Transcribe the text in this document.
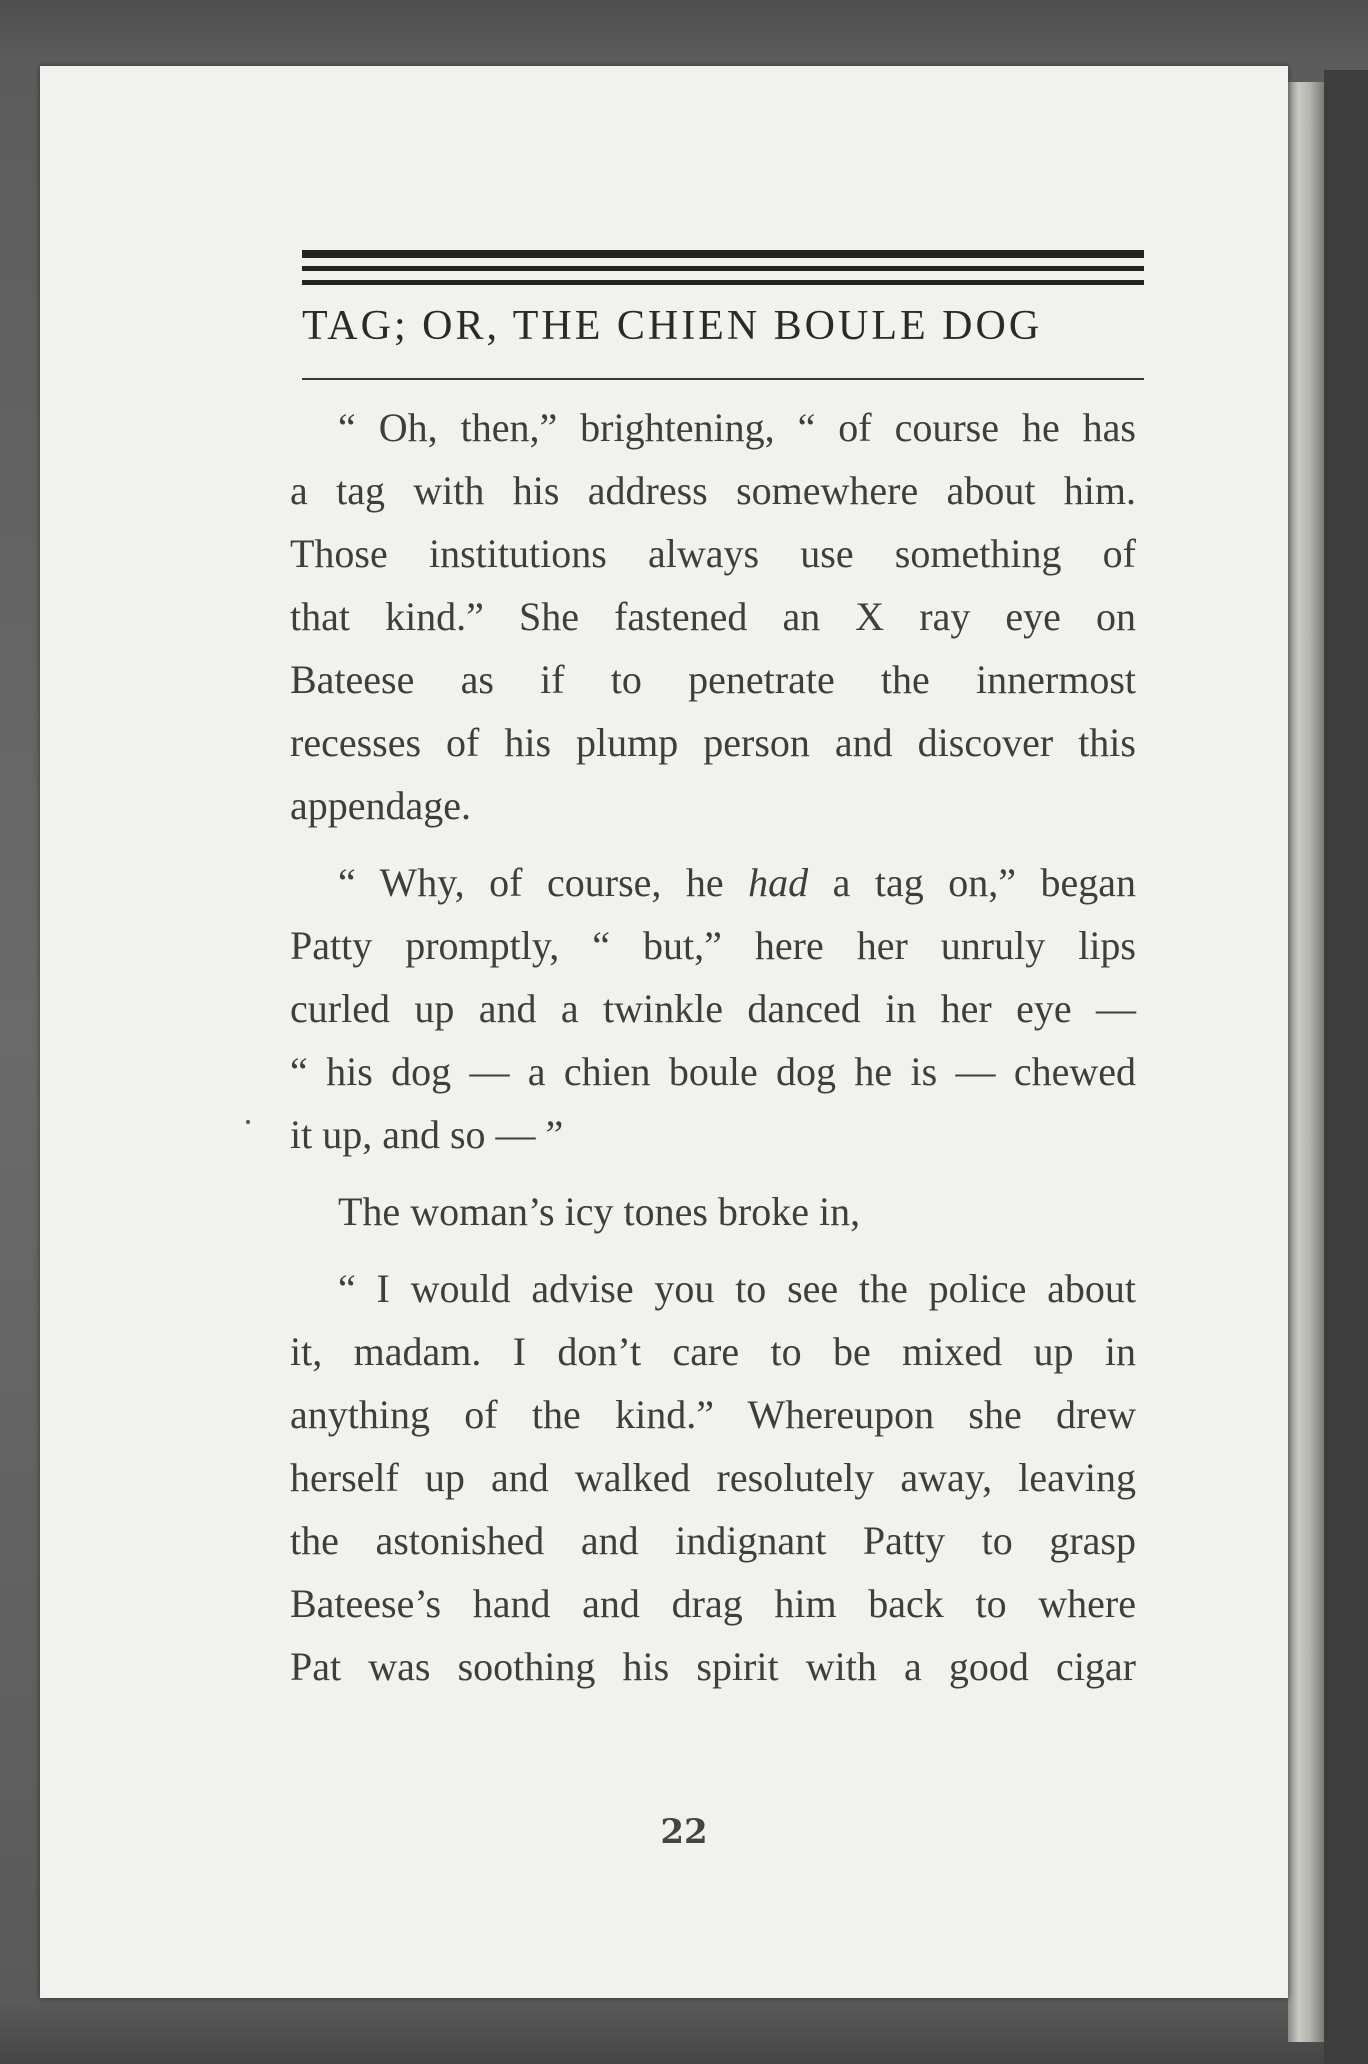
TAG; OR, THE CHIEN BOULE DOG
“ Oh, then,” brightening, “ of course he has
a tag with his address somewhere about him.
Those institutions always use something of
that kind.” She fastened an X ray eye on
Bateese as if to penetrate the innermost
recesses of his plump person and discover this
appendage.
“ Why, of course, he had a tag on,” began
Patty promptly, “ but,” here her unruly lips
curled up and a twinkle danced in her eye —
“ his dog — a chien boule dog he is — chewed
it up, and so — ”
The woman’s icy tones broke in,
“ I would advise you to see the police about
it, madam. I don’t care to be mixed up in
anything of the kind.” Whereupon she drew
herself up and walked resolutely away, leaving
the astonished and indignant Patty to grasp
Bateese’s hand and drag him back to where
Pat was soothing his spirit with a good cigar
22
